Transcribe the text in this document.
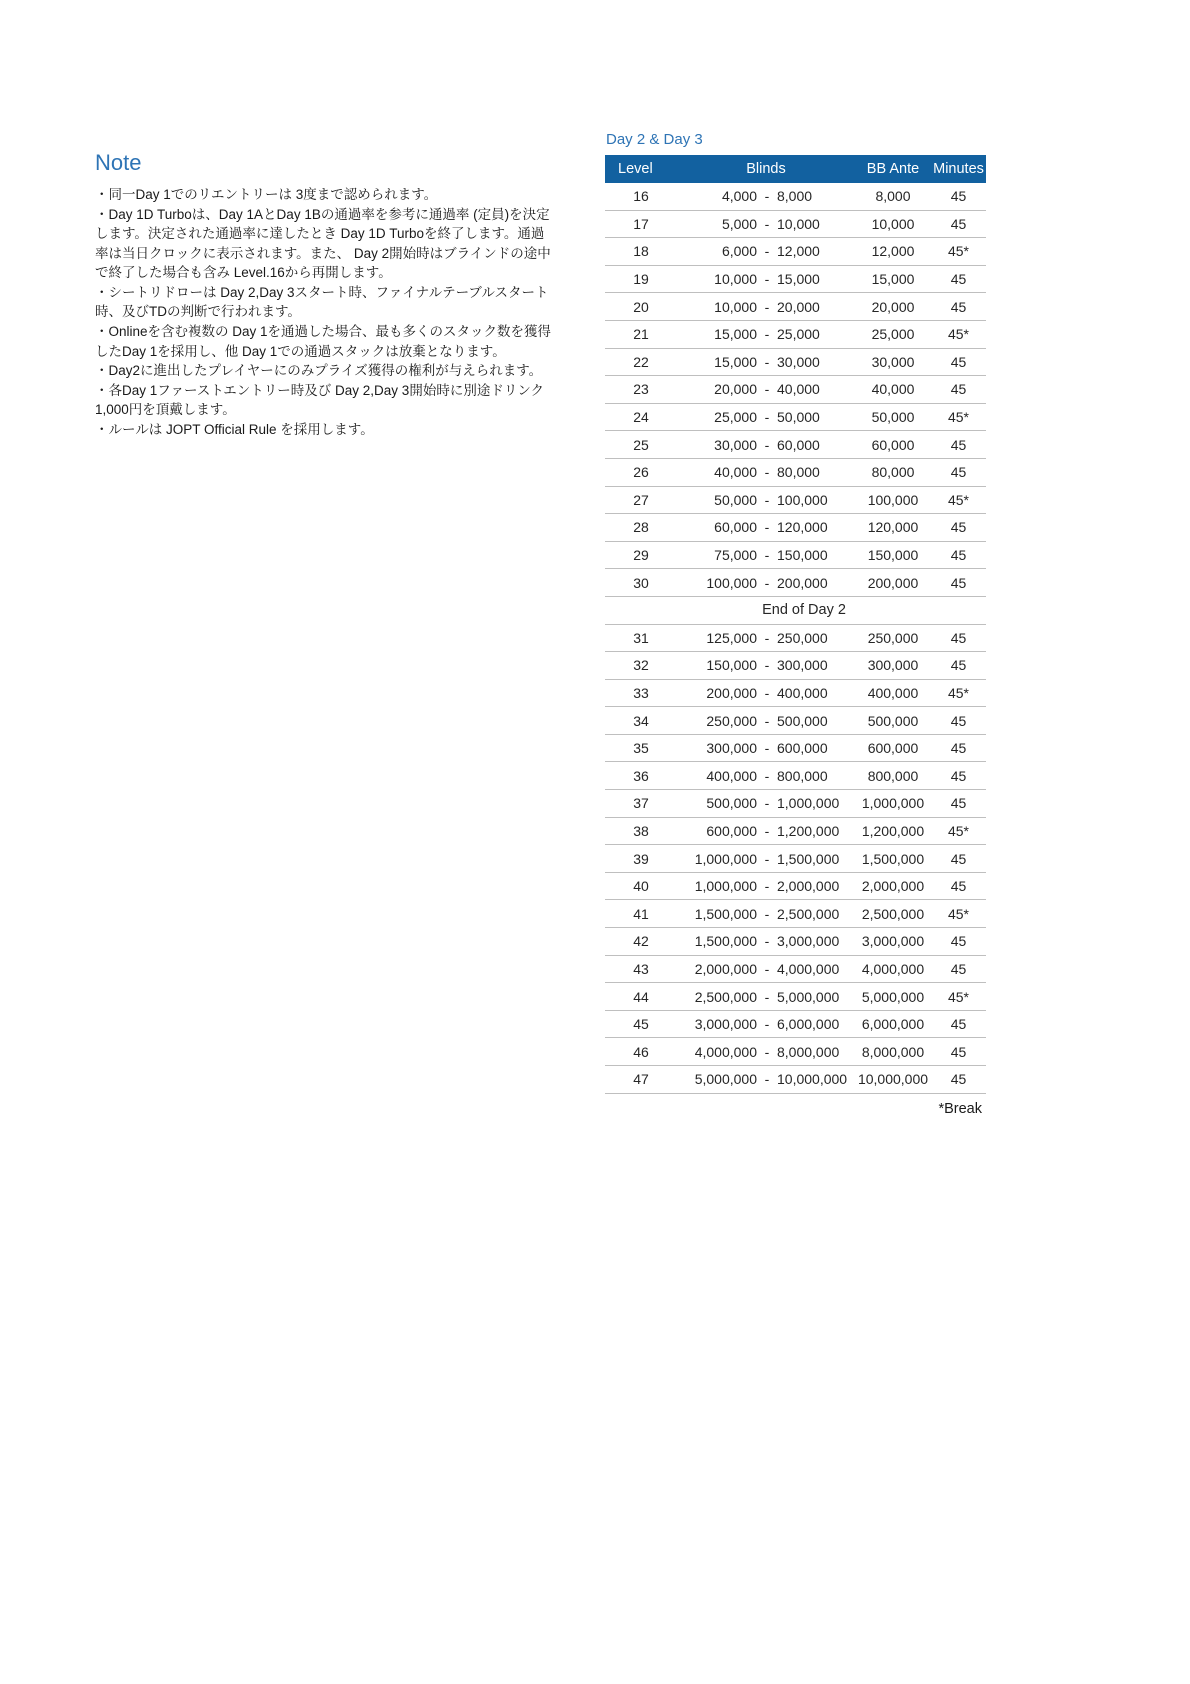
Note

・同一Day 1でのリエントリーは 3度まで認められます。

・Day 1D Turboは、Day 1AとDay 1Bの通過率を参考に通過率 (定員)を決定します。決定された通過率に達したとき Day 1D Turboを終了します。通過率は当日クロックに表示されます。また、 Day 2開始時はブラインドの途中で終了した場合も含み Level.16から再開します。

・シートリドローは Day 2,Day 3スタート時、ファイナルテーブルスタート時、及びTDの判断で行われます。

・Onlineを含む複数の Day 1を通過した場合、最も多くのスタック数を獲得したDay 1を採用し、他 Day 1での通過スタックは放棄となります。

・Day2に進出したプレイヤーにのみプライズ獲得の権利が与えられます。

・各Day 1ファーストエントリー時及び Day 2,Day 3開始時に別途ドリンク 1,000円を頂戴します。

・ルールは JOPT Official Rule を採用します。

Day 2 & Day 3
Level	Blinds	BB Ante Minutes
16	4,000 - 8,000	8,000	45
17	5,000 - 10,000	10,000	45
18	6,000 - 12,000	12,000	45*
19	10,000 - 15,000	15,000	45
20	10,000 - 20,000	20,000	45
21	15,000 - 25,000	25,000	45*
22	15,000 - 30,000	30,000	45
23	20,000 - 40,000	40,000	45
24	25,000 - 50,000	50,000	45*
25	30,000 - 60,000	60,000	45
26	40,000 - 80,000	80,000	45
27	50,000 - 100,000	100,000	45*
28	60,000 - 120,000	120,000	45
29	75,000 - 150,000	150,000	45
30	100,000 - 200,000	200,000	45
End of Day 2
31	125,000 - 250,000	250,000	45
32	150,000 - 300,000	300,000	45
33	200,000 - 400,000	400,000	45*
34	250,000 - 500,000	500,000	45
35	300,000 - 600,000	600,000	45
36	400,000 - 800,000	800,000	45
37	500,000 - 1,000,000	1,000,000	45
38	600,000 - 1,200,000	1,200,000	45*
39	1,000,000 - 1,500,000	1,500,000	45
40	1,000,000 - 2,000,000	2,000,000	45
41	1,500,000 - 2,500,000	2,500,000	45*
42	1,500,000 - 3,000,000	3,000,000	45
43	2,000,000 - 4,000,000	4,000,000	45
44	2,500,000 - 5,000,000	5,000,000	45*
45	3,000,000 - 6,000,000	6,000,000	45
46	4,000,000 - 8,000,000	8,000,000	45
47	5,000,000 - 10,000,000 10,000,000	45
*Break
